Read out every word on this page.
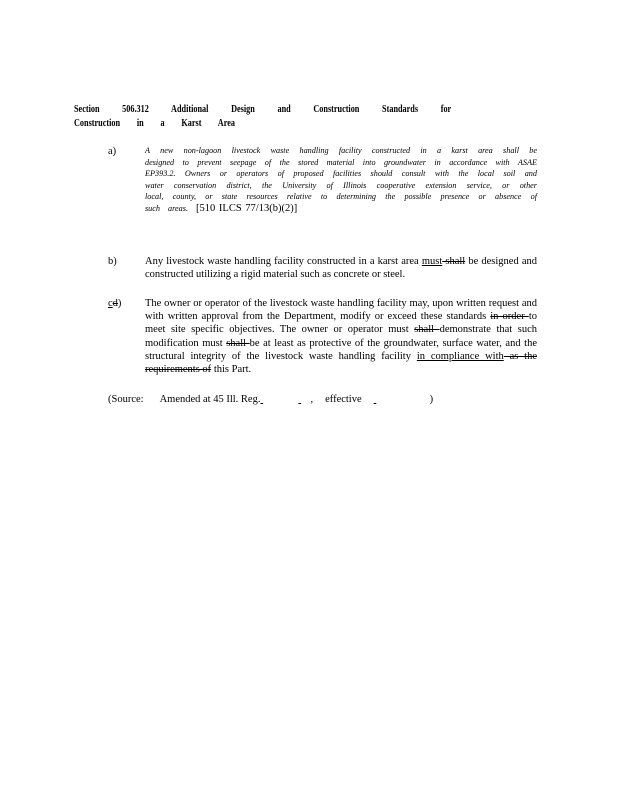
Section 506.312 Additional Design and Construction Standards for Construction in a Karst Area
a)	A new non-lagoon livestock waste handling facility constructed in a karst area shall be designed to prevent seepage of the stored material into groundwater in accordance with ASAE EP393.2. Owners or operators of proposed facilities should consult with the local soil and water conservation district, the University of Illinois cooperative extension service, or other local, county, or state resources relative to determining the possible presence or absence of such areas. [510 ILCS 77/13(b)(2)]
b)	Any livestock waste handling facility constructed in a karst area must shall be designed and constructed utilizing a rigid material such as concrete or steel.
cd) The owner or operator of the livestock waste handling facility may, upon written request and with written approval from the Department, modify or exceed these standards in order to meet site specific objectives. The owner or operator must shall demonstrate that such modification must shall be at least as protective of the groundwater, surface water, and the structural integrity of the livestock waste handling facility in compliance with as the requirements of this Part.
(Source: Amended at 45 Ill. Reg.	, effective	)
